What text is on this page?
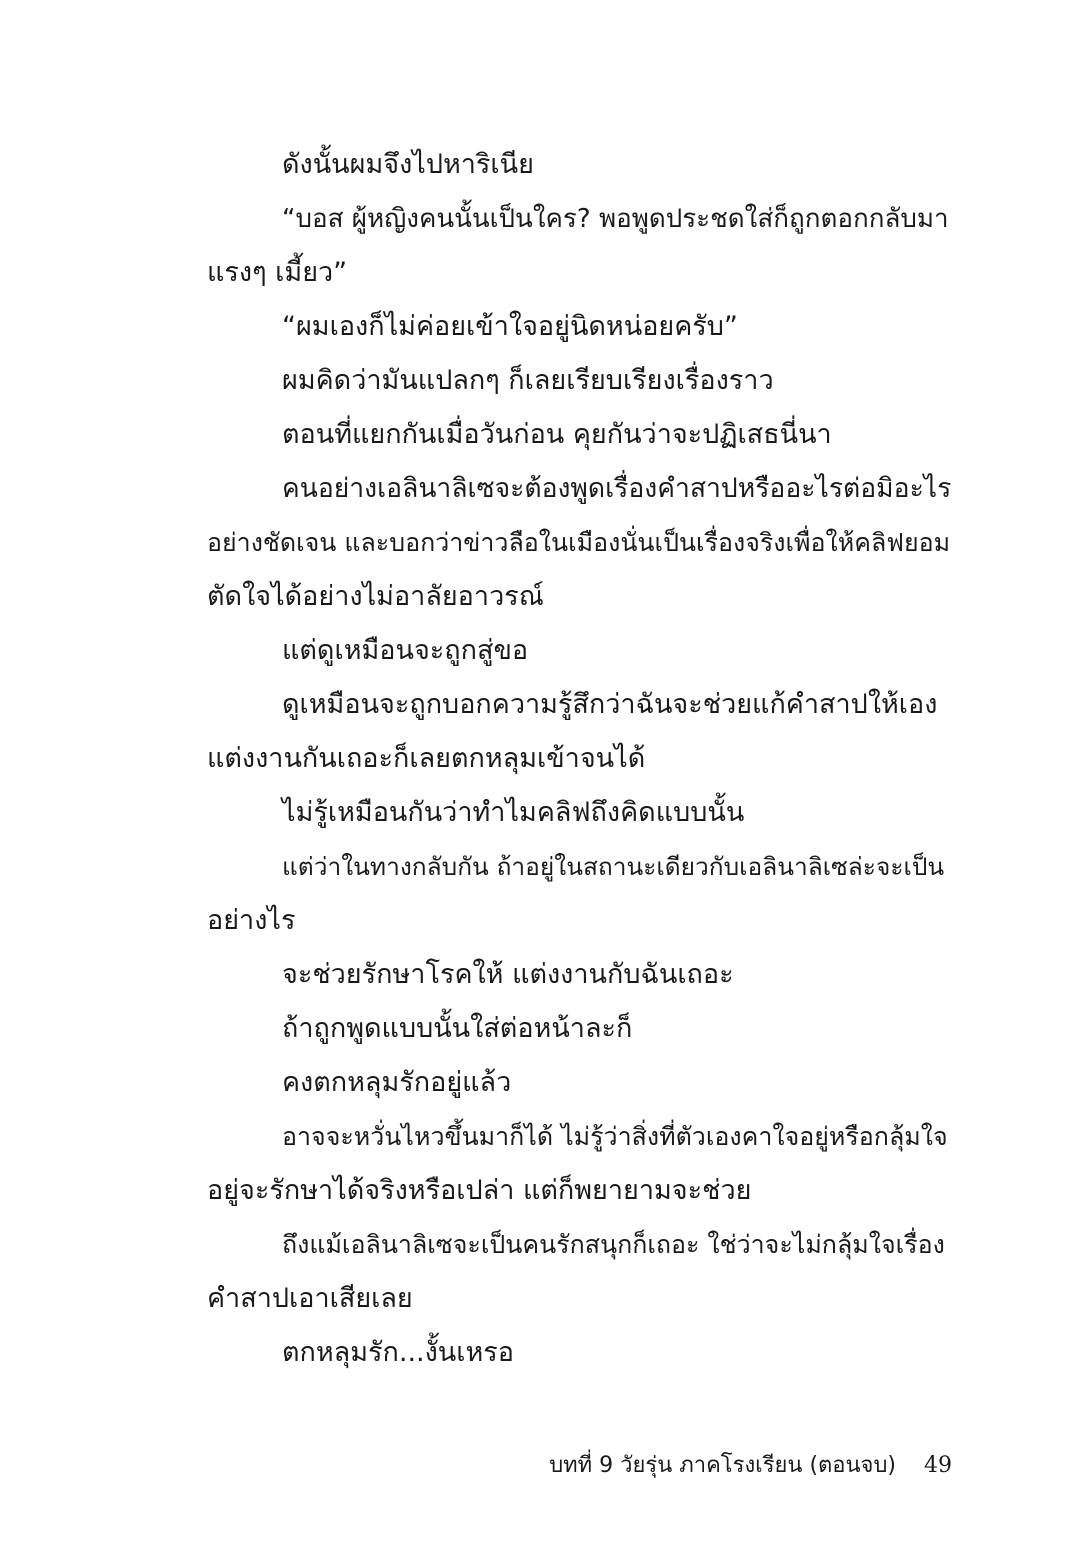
ดังนั้นผมจึงไปหาริเนีย
“บอส ผู้หญิงคนนั้นเป็นใคร? พอพูดประชดใส่ก็ถูกตอกกลับมา
แรงๆ เมี้ยว”
“ผมเองก็ไม่ค่อยเข้าใจอยู่นิดหน่อยครับ”
ผมคิดว่ามันแปลกๆ ก็เลยเรียบเรียงเรื่องราว
ตอนที่แยกกันเมื่อวันก่อน คุยกันว่าจะปฏิเสธนี่นา
คนอย่างเอลินาลิเซจะต้องพูดเรื่องคำสาปหรืออะไรต่อมิอะไร
อย่างชัดเจน และบอกว่าข่าวลือในเมืองนั่นเป็นเรื่องจริงเพื่อให้คลิฟยอม
ตัดใจได้อย่างไม่อาลัยอาวรณ์
แต่ดูเหมือนจะถูกสู่ขอ
ดูเหมือนจะถูกบอกความรู้สึกว่าฉันจะช่วยแก้คำสาปให้เอง
แต่งงานกันเถอะก็เลยตกหลุมเข้าจนได้
ไม่รู้เหมือนกันว่าทำไมคลิฟถึงคิดแบบนั้น
แต่ว่าในทางกลับกัน ถ้าอยู่ในสถานะเดียวกับเอลินาลิเซล่ะจะเป็น
อย่างไร
จะช่วยรักษาโรคให้ แต่งงานกับฉันเถอะ
ถ้าถูกพูดแบบนั้นใส่ต่อหน้าละก็
คงตกหลุมรักอยู่แล้ว
อาจจะหวั่นไหวขึ้นมาก็ได้ ไม่รู้ว่าสิ่งที่ตัวเองคาใจอยู่หรือกลุ้มใจ
อยู่จะรักษาได้จริงหรือเปล่า แต่ก็พยายามจะช่วย
ถึงแม้เอลินาลิเซจะเป็นคนรักสนุกก็เถอะ ใช่ว่าจะไม่กลุ้มใจเรื่อง
คำสาปเอาเสียเลย
ตกหลุมรัก...งั้นเหรอ
บทที่ 9 วัยรุ่น ภาคโรงเรียน (ตอนจบ) 49
